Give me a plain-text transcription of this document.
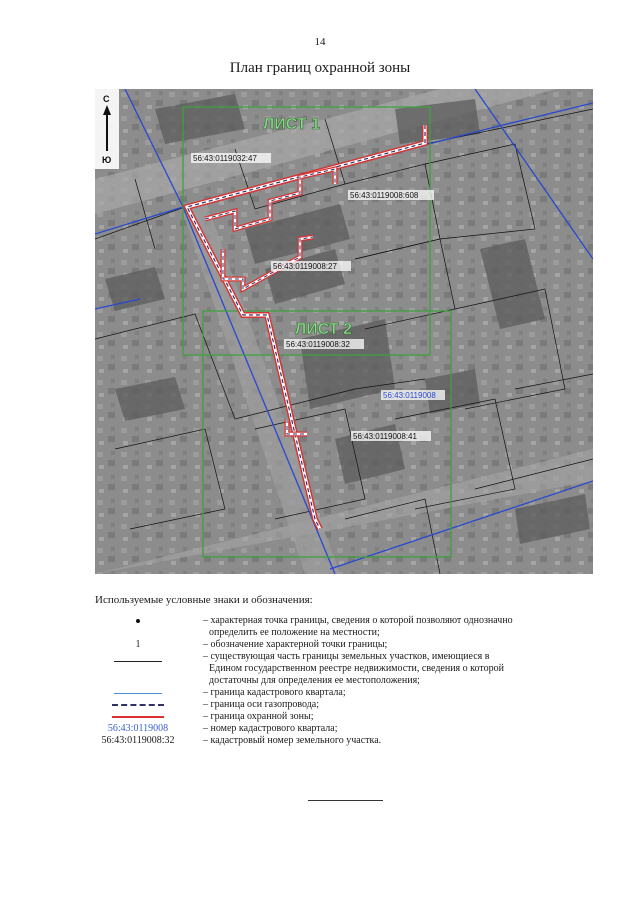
14
План границ охранной зоны
ЛИСТ 1
ЛИСТ 2
56:43:0119032:47
56:43:0119008:608
56:43:0119008:27
56:43:0119008:32
56:43:0119008:41
56:43:0119008
С
Ю
Используемые условные знаки и обозначения:
– характерная точка границы, сведения о которой позволяют однозначно
определить ее положение на местности;
1	– обозначение характерной точки границы;
– существующая часть границы земельных участков, имеющиеся в
Едином государственном реестре недвижимости, сведения о которой
достаточны для определения ее местоположения;
– граница кадастрового квартала;
– граница оси газопровода;
– граница охранной зоны;
56:43:0119008	– номер кадастрового квартала;
56:43:0119008:32	– кадастровый номер земельного участка.
